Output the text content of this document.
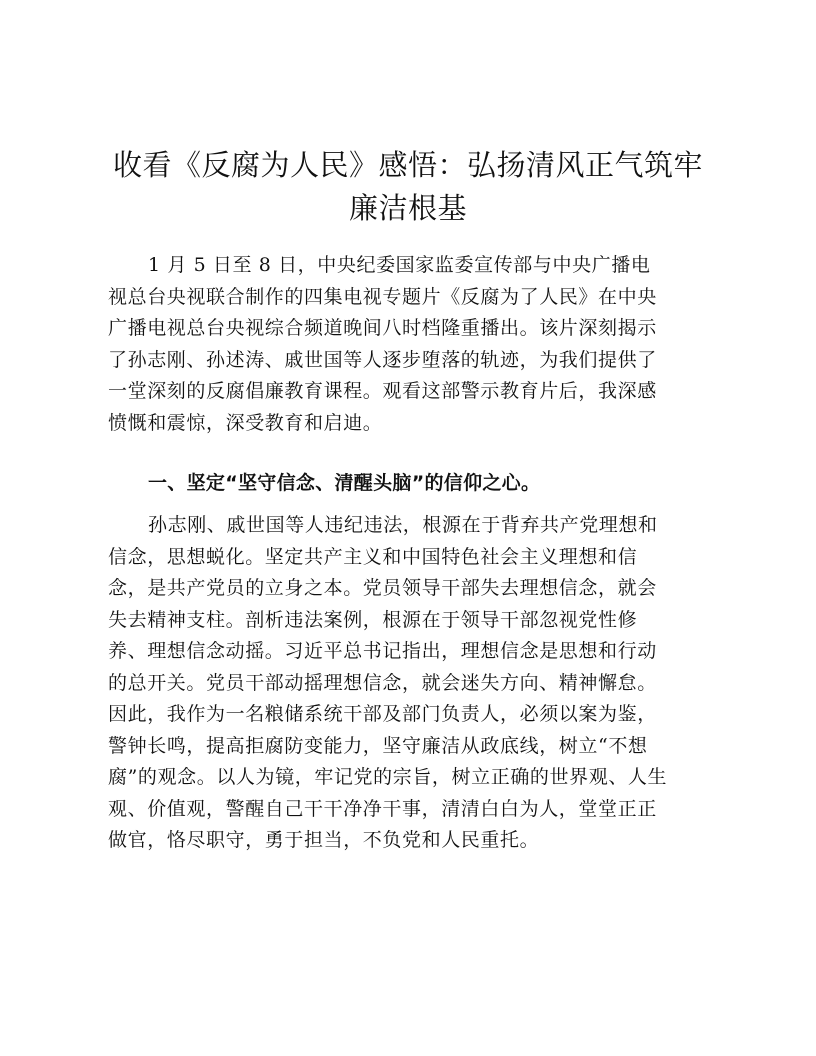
收看《反腐为人民》感悟：弘扬清风正气筑牢
廉洁根基

1 月 5 日至 8 日，中央纪委国家监委宣传部与中央广播电
视总台央视联合制作的四集电视专题片《反腐为了人民》在中央
广播电视总台央视综合频道晚间八时档隆重播出。该片深刻揭示
了孙志刚、孙述涛、戚世国等人逐步堕落的轨迹，为我们提供了
一堂深刻的反腐倡廉教育课程。观看这部警示教育片后，我深感
愤慨和震惊，深受教育和启迪。

一、坚定“坚守信念、清醒头脑”的信仰之心。

孙志刚、戚世国等人违纪违法，根源在于背弃共产党理想和
信念，思想蜕化。坚定共产主义和中国特色社会主义理想和信
念，是共产党员的立身之本。党员领导干部失去理想信念，就会
失去精神支柱。剖析违法案例，根源在于领导干部忽视党性修
养、理想信念动摇。习近平总书记指出，理想信念是思想和行动
的总开关。党员干部动摇理想信念，就会迷失方向、精神懈怠。
因此，我作为一名粮储系统干部及部门负责人，必须以案为鉴，
警钟长鸣，提高拒腐防变能力，坚守廉洁从政底线，树立“不想
腐”的观念。以人为镜，牢记党的宗旨，树立正确的世界观、人生
观、价值观，警醒自己干干净净干事，清清白白为人，堂堂正正
做官，恪尽职守，勇于担当，不负党和人民重托。
